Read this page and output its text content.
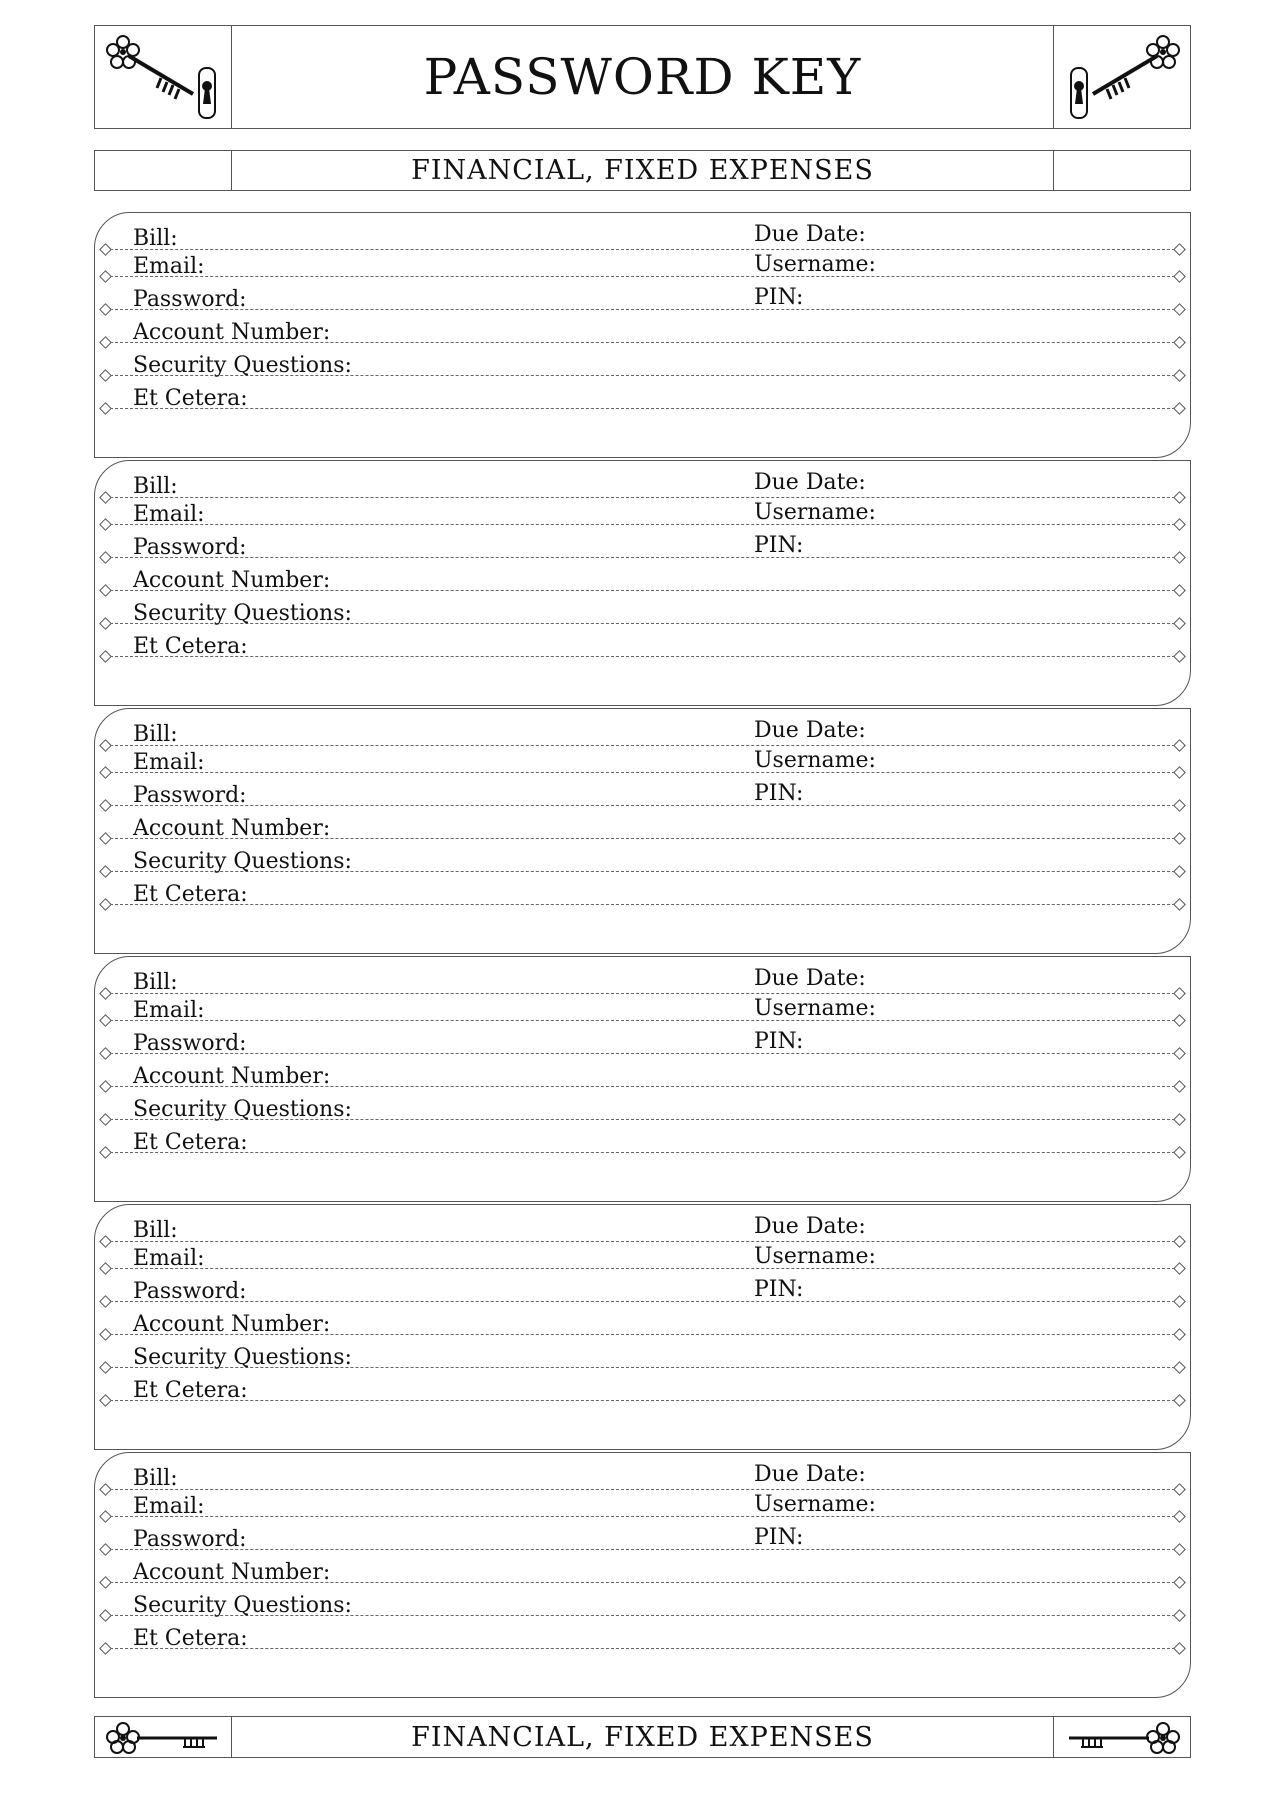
PASSWORD KEY
FINANCIAL, FIXED EXPENSES
Bill:
Email:
Password:
Account Number:
Security Questions:
Et Cetera:
Due Date:
Username:
PIN:
Bill:
Email:
Password:
Account Number:
Security Questions:
Et Cetera:
Due Date:
Username:
PIN:
Bill:
Email:
Password:
Account Number:
Security Questions:
Et Cetera:
Due Date:
Username:
PIN:
Bill:
Email:
Password:
Account Number:
Security Questions:
Et Cetera:
Due Date:
Username:
PIN:
Bill:
Email:
Password:
Account Number:
Security Questions:
Et Cetera:
Due Date:
Username:
PIN:
Bill:
Email:
Password:
Account Number:
Security Questions:
Et Cetera:
Due Date:
Username:
PIN:
FINANCIAL, FIXED EXPENSES
